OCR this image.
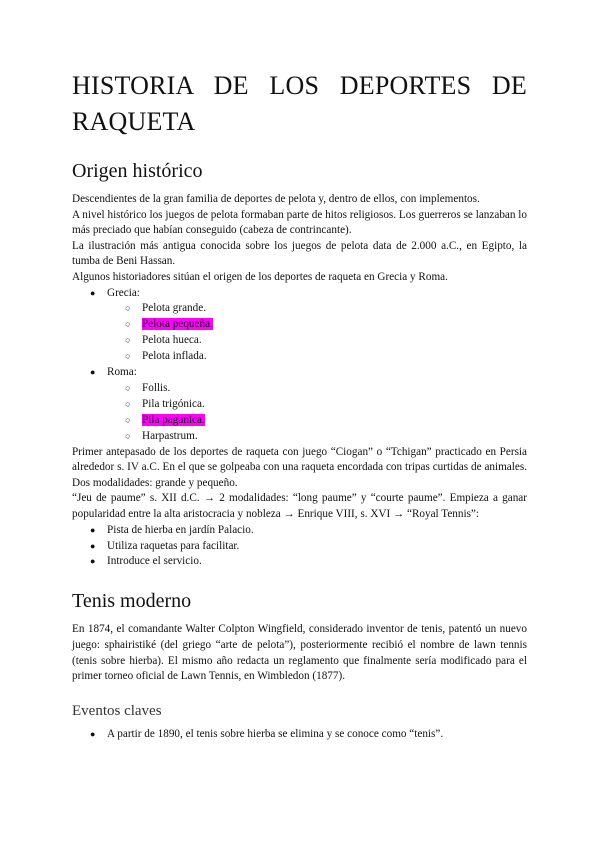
HISTORIA DE LOS DEPORTES DE RAQUETA
Origen histórico

Descendientes de la gran familia de deportes de pelota y, dentro de ellos, con implementos.

A nivel histórico los juegos de pelota formaban parte de hitos religiosos. Los guerreros se lanzaban lo más preciado que habían conseguido (cabeza de contrincante).

La ilustración más antigua conocida sobre los juegos de pelota data de 2.000 a.C., en Egipto, la tumba de Beni Hassan.

Algunos historiadores sitúan el origen de los deportes de raqueta en Grecia y Roma.

● Grecia:
○ Pelota grande.
○ Pelota pequeña.
○ Pelota hueca.
○ Pelota inflada.
● Roma:
○ Follis.
○ Pila trigónica.
○ Pila paganica.
○ Harpastrum.

Primer antepasado de los deportes de raqueta con juego “Ciogan” o “Tchigan” practicado en Persia alrededor s. IV a.C. En el que se golpeaba con una raqueta encordada con tripas curtidas de animales. Dos modalidades: grande y pequeño.

“Jeu de paume” s. XII d.C. → 2 modalidades: “long paume” y “courte paume”. Empieza a ganar popularidad entre la alta aristocracia y nobleza → Enrique VIII, s. XVI → “Royal Tennis”:

● Pista de hierba en jardín Palacio.
● Utiliza raquetas para facilitar.
● Introduce el servicio.
Tenis moderno

En 1874, el comandante Walter Colpton Wingfield, considerado inventor de tenis, patentó un nuevo juego: sphairistiké (del griego “arte de pelota”), posteriormente recibió el nombre de lawn tennis (tenis sobre hierba). El mismo año redacta un reglamento que finalmente sería modificado para el primer torneo oficial de Lawn Tennis, en Wimbledon (1877).

Eventos claves
● A partir de 1890, el tenis sobre hierba se elimina y se conoce como “tenis”.
